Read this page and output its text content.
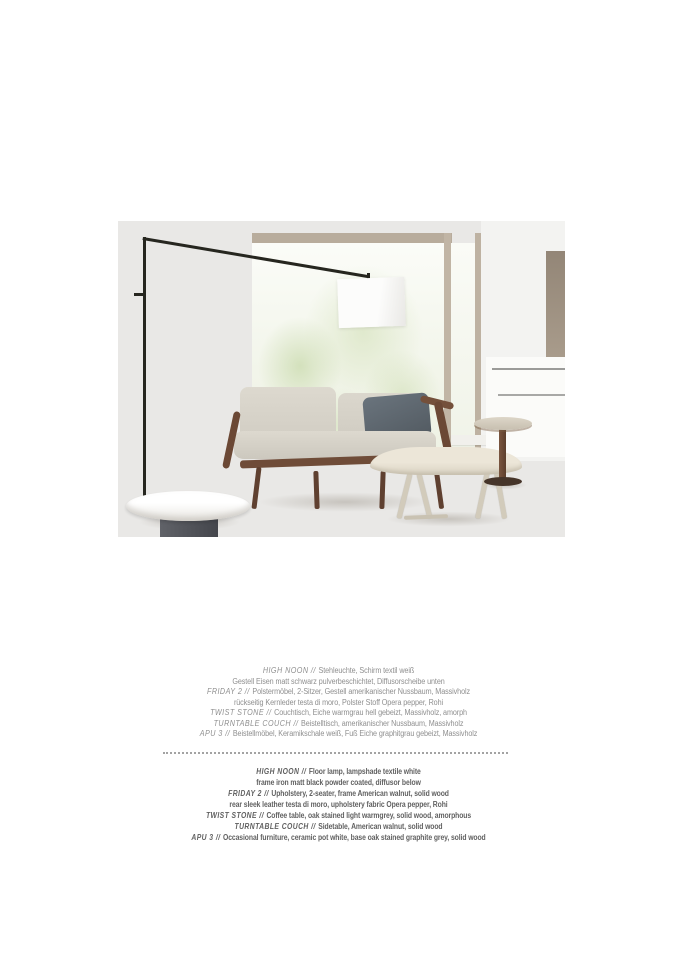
HIGH NOON // Stehleuchte, Schirm textil weiß

Gestell Eisen matt schwarz pulverbeschichtet, Diffusorscheibe unten

FRIDAY 2 // Polstermöbel, 2-Sitzer, Gestell amerikanischer Nussbaum, Massivholz

rückseitig Kernleder testa di moro, Polster Stoff Opera pepper, Rohi

TWIST STONE // Couchtisch, Eiche warmgrau hell gebeizt, Massivholz, amorph

TURNTABLE COUCH // Beistelltisch, amerikanischer Nussbaum, Massivholz

APU 3 // Beistellmöbel, Keramikschale weiß, Fuß Eiche graphitgrau gebeizt, Massivholz

HIGH NOON // Floor lamp, lampshade textile white

frame iron matt black powder coated, diffusor below

FRIDAY 2 // Upholstery, 2-seater, frame American walnut, solid wood

rear sleek leather testa di moro, upholstery fabric Opera pepper, Rohi

TWIST STONE // Coffee table, oak stained light warmgrey, solid wood, amorphous

TURNTABLE COUCH // Sidetable, American walnut, solid wood

APU 3 // Occasional furniture, ceramic pot white, base oak stained graphite grey, solid wood
